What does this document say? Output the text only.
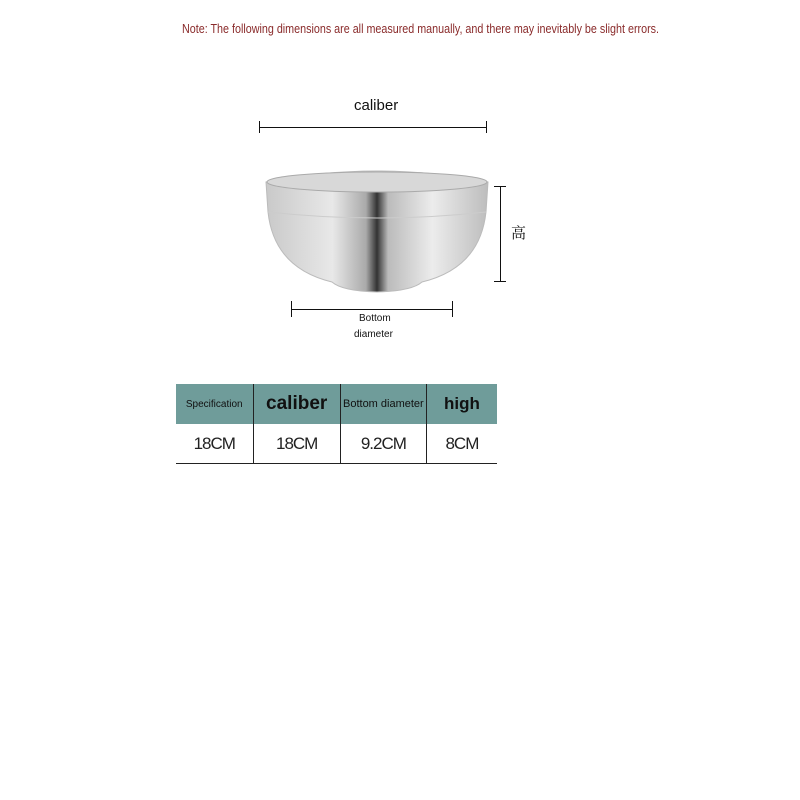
Note: The following dimensions are all measured manually, and there may inevitably be slight errors.
caliber
高
Bottom
diameter
Specification	caliber	Bottom diameter	high
18CM	18CM	9.2CM	8CM
